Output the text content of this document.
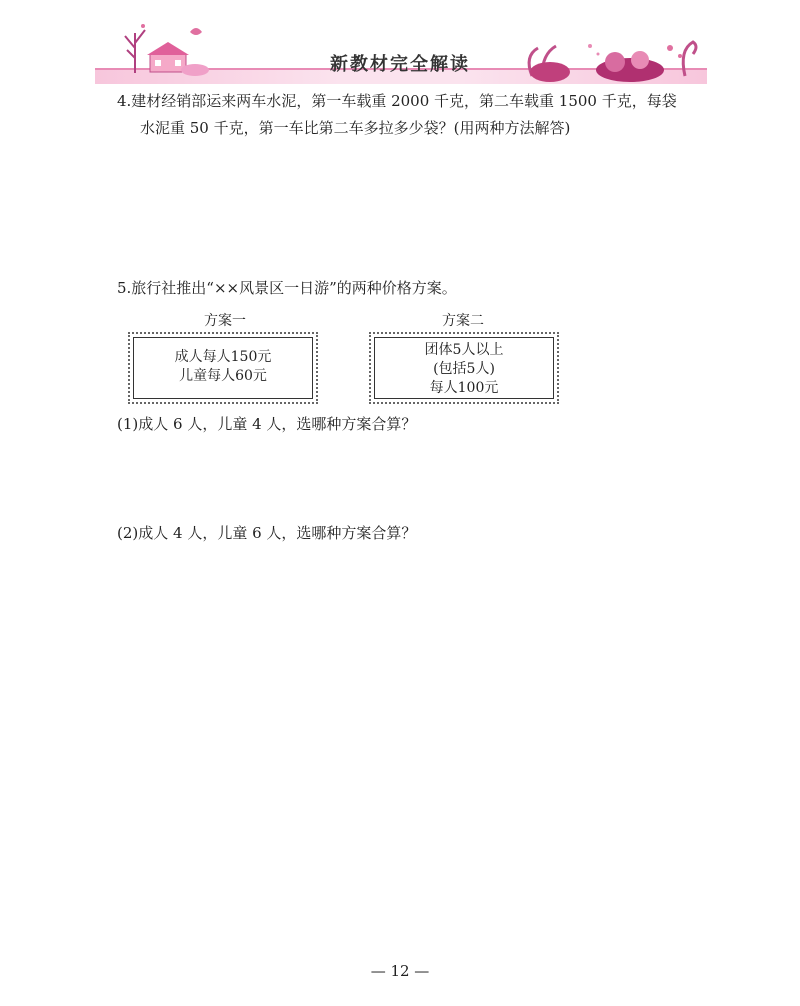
新教材完全解读
4.建材经销部运来两车水泥，第一车载重 2000 千克，第二车载重 1500 千克，每袋
水泥重 50 千克，第一车比第二车多拉多少袋？(用两种方法解答)
5.旅行社推出“××风景区一日游”的两种价格方案。
方案一
成人每人150元
儿童每人60元
方案二
团体5人以上
(包括5人)
每人100元
(1)成人 6 人，儿童 4 人，选哪种方案合算？
(2)成人 4 人，儿童 6 人，选哪种方案合算？
— 12 —
